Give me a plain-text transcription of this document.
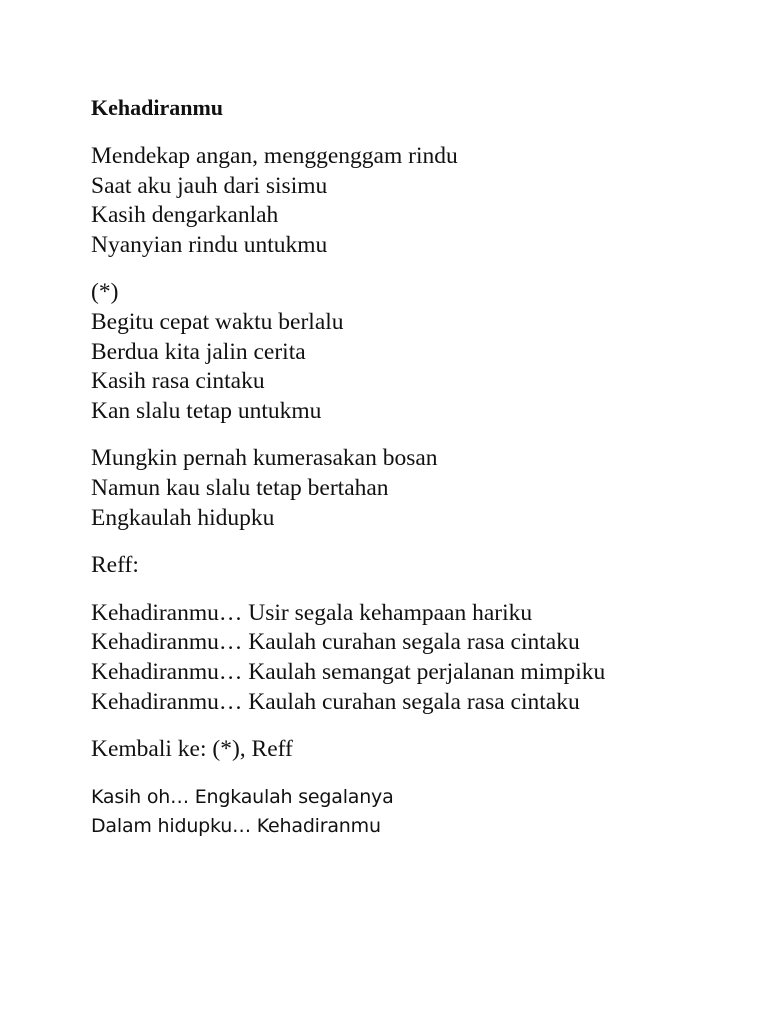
Kehadiranmu
Mendekap angan, menggenggam rindu
Saat aku jauh dari sisimu
Kasih dengarkanlah
Nyanyian rindu untukmu
(*)
Begitu cepat waktu berlalu
Berdua kita jalin cerita
Kasih rasa cintaku
Kan slalu tetap untukmu
Mungkin pernah kumerasakan bosan
Namun kau slalu tetap bertahan
Engkaulah hidupku
Reff:
Kehadiranmu… Usir segala kehampaan hariku
Kehadiranmu… Kaulah curahan segala rasa cintaku
Kehadiranmu… Kaulah semangat perjalanan mimpiku
Kehadiranmu… Kaulah curahan segala rasa cintaku
Kembali ke: (*), Reff
Kasih oh… Engkaulah segalanya
Dalam hidupku… Kehadiranmu
